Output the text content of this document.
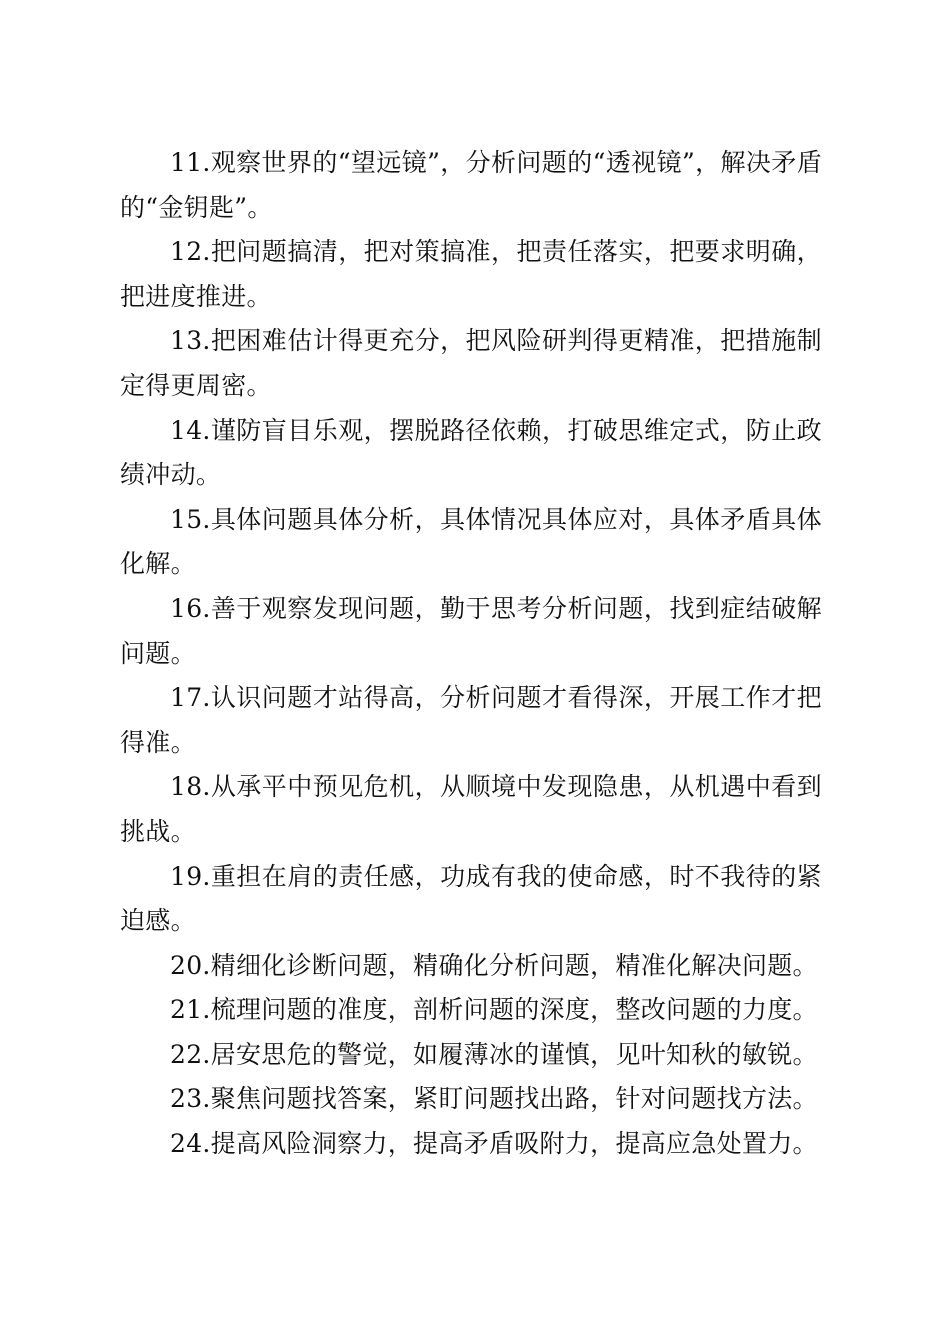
11.观察世界的“望远镜”，分析问题的“透视镜”，解决矛盾的“金钥匙”。

12.把问题搞清，把对策搞准，把责任落实，把要求明确，把进度推进。

13.把困难估计得更充分，把风险研判得更精准，把措施制定得更周密。

14.谨防盲目乐观，摆脱路径依赖，打破思维定式，防止政绩冲动。

15.具体问题具体分析，具体情况具体应对，具体矛盾具体化解。

16.善于观察发现问题，勤于思考分析问题，找到症结破解问题。

17.认识问题才站得高，分析问题才看得深，开展工作才把得准。

18.从承平中预见危机，从顺境中发现隐患，从机遇中看到挑战。

19.重担在肩的责任感，功成有我的使命感，时不我待的紧迫感。

20.精细化诊断问题，精确化分析问题，精准化解决问题。

21.梳理问题的准度，剖析问题的深度，整改问题的力度。

22.居安思危的警觉，如履薄冰的谨慎，见叶知秋的敏锐。

23.聚焦问题找答案，紧盯问题找出路，针对问题找方法。

24.提高风险洞察力，提高矛盾吸附力，提高应急处置力。
